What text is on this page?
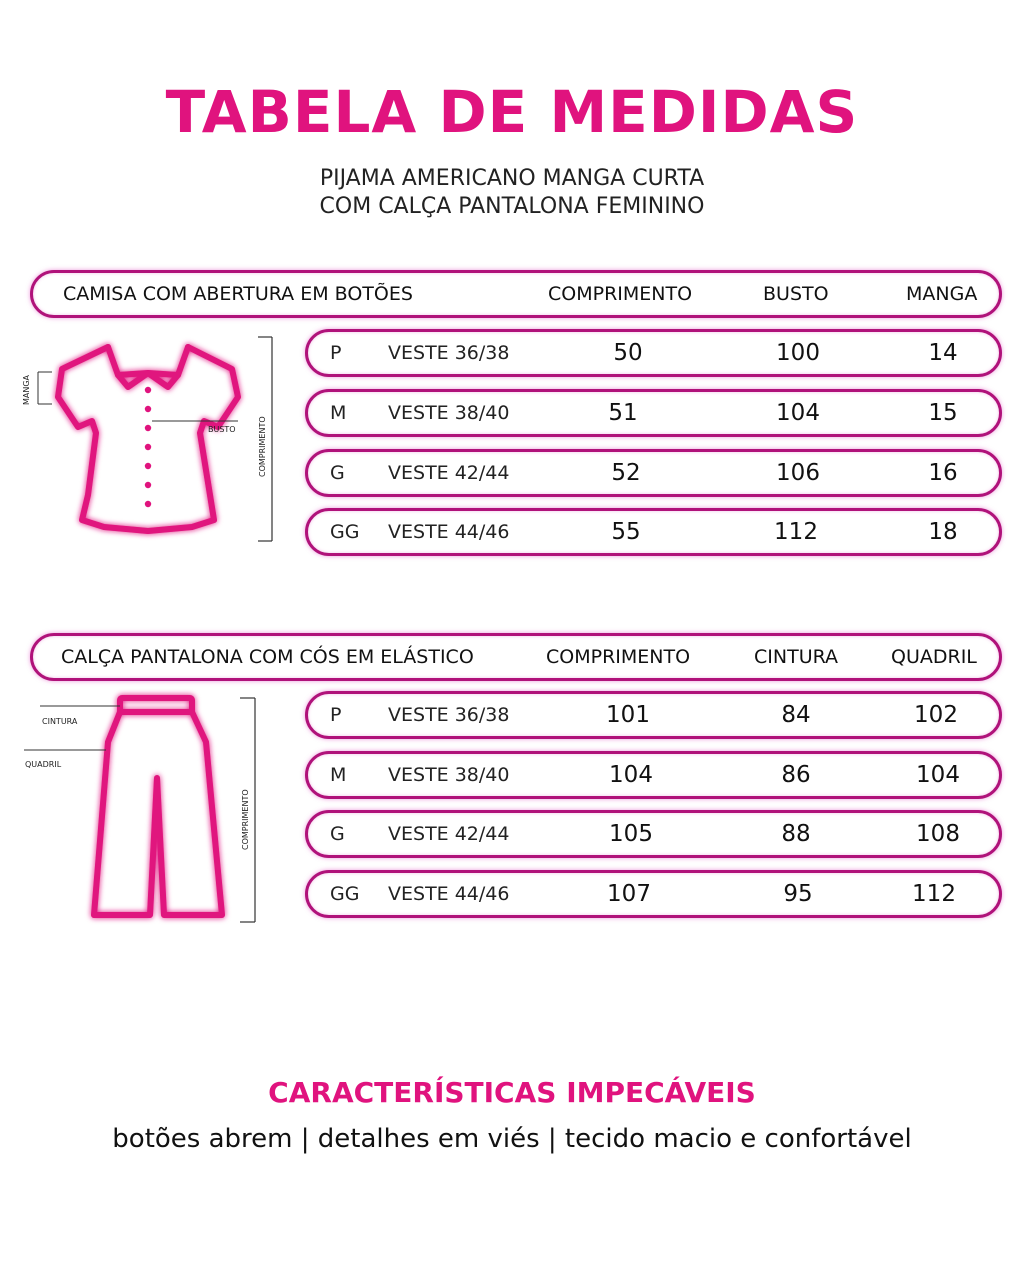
TABELA DE MEDIDAS
PIJAMA AMERICANO MANGA CURTA
COM CALÇA PANTALONA FEMININO
CAMISA COM ABERTURA EM BOTÕES	COMPRIMENTO	BUSTO	MANGA
P VESTE 36/38	50	100	14
M VESTE 38/40	51	104	15
G VESTE 42/44	52	106	16
GG VESTE 44/46	55	112	18
MANGA
BUSTO	COMPRIMENTO
CALÇA PANTALONA COM CÓS EM ELÁSTICO	COMPRIMENTO	CINTURA	QUADRIL
P VESTE 36/38	101	84	102
M VESTE 38/40	104	86	104
G VESTE 42/44	105	88	108
GG VESTE 44/46	107	95	112
CINTURA
QUADRIL
COMPRIMENTO
CARACTERÍSTICAS IMPECÁVEIS
botões abrem | detalhes em viés | tecido macio e confortável
